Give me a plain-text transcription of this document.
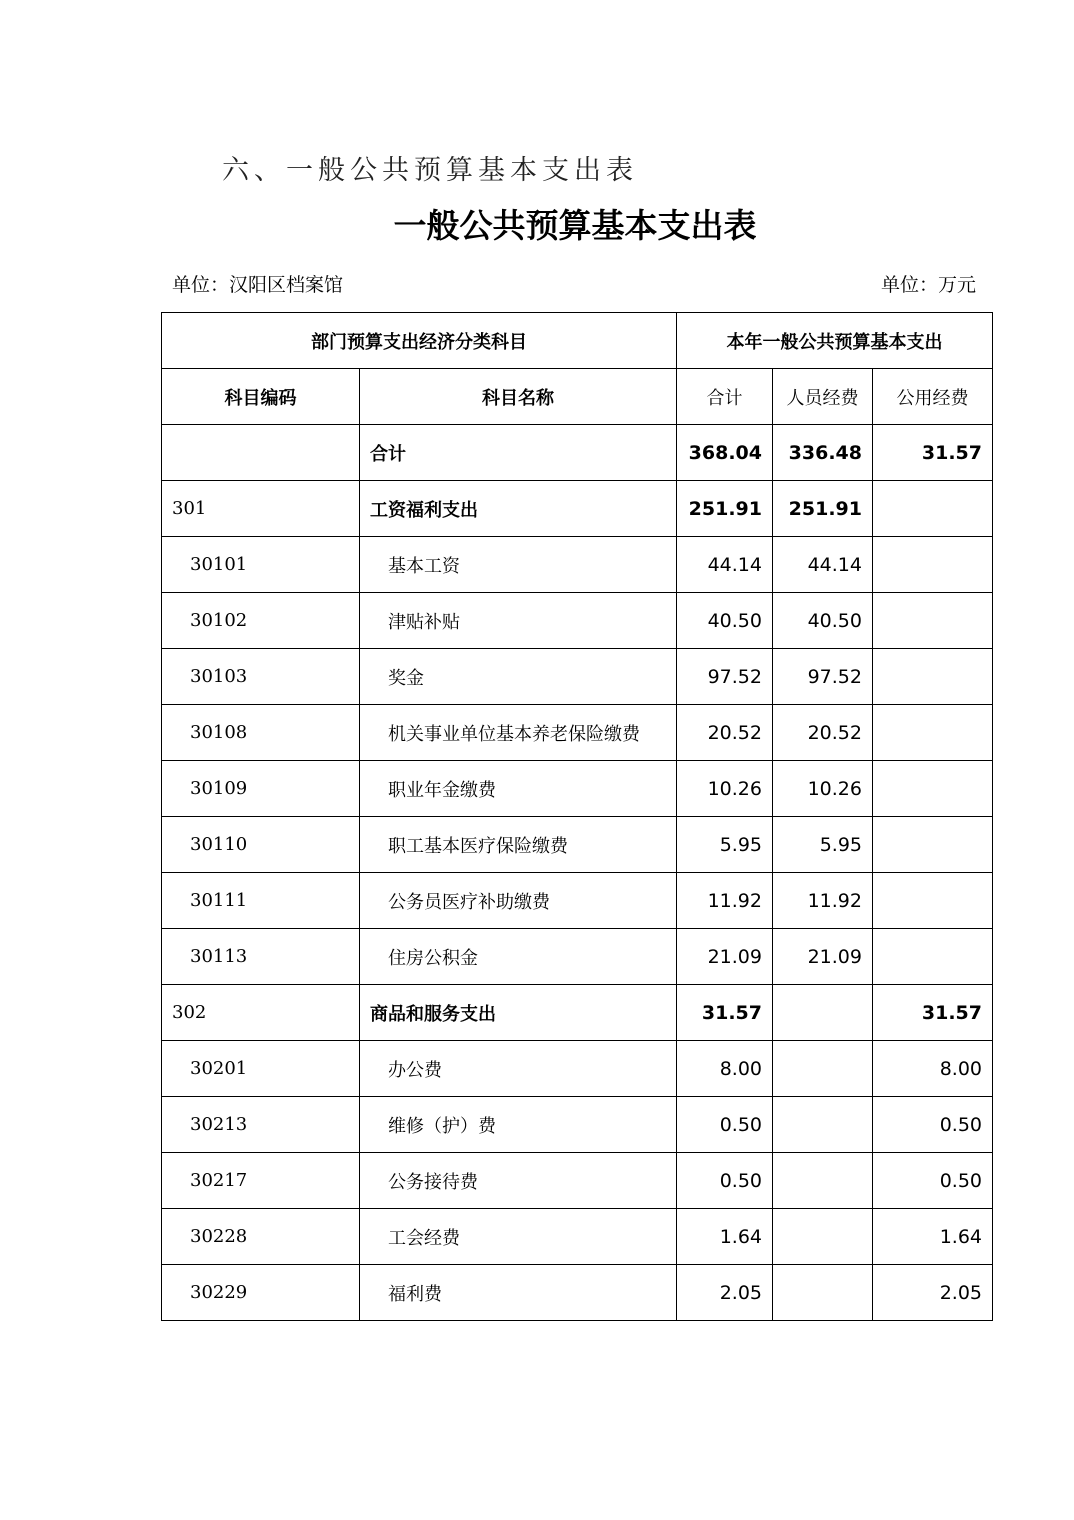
六、一般公共预算基本支出表
一般公共预算基本支出表
单位：汉阳区档案馆	单位：万元
部门预算支出经济分类科目		本年一般公共预算基本支出		
科目编码	科目名称	合计	人员经费	公用经费
	合计	368.04	336.48	31.57
301	工资福利支出	251.91	251.91	
30101	基本工资	44.14	44.14	
30102	津贴补贴	40.50	40.50	
30103	奖金	97.52	97.52	
30108	机关事业单位基本养老保险缴费	20.52	20.52	
30109	职业年金缴费	10.26	10.26	
30110	职工基本医疗保险缴费	5.95	5.95	
30111	公务员医疗补助缴费	11.92	11.92	
30113	住房公积金	21.09	21.09	
302	商品和服务支出	31.57		31.57
30201	办公费	8.00		8.00
30213	维修（护）费	0.50		0.50
30217	公务接待费	0.50		0.50
30228	工会经费	1.64		1.64
30229	福利费	2.05		2.05
